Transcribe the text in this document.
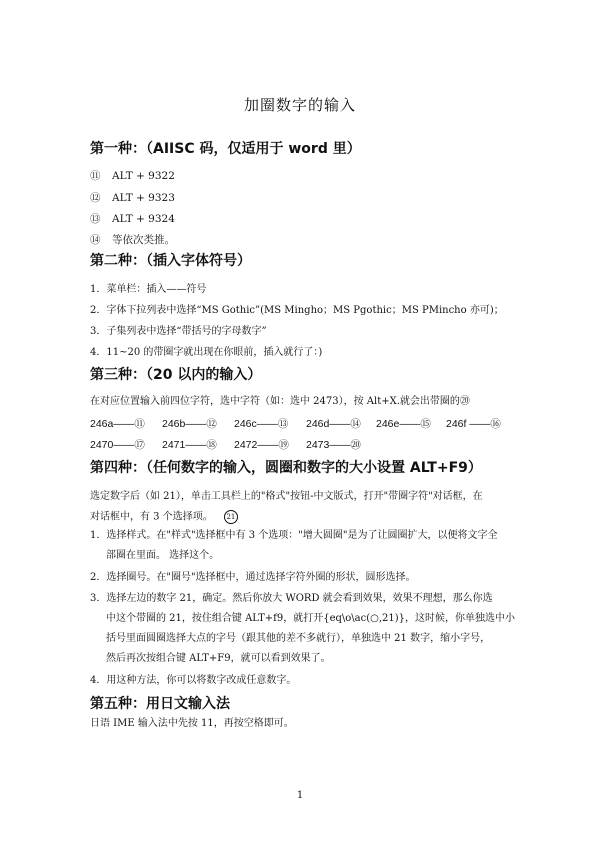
加圈数字的输入
第一种：（AIISC 码，仅适用于 word 里）
⑪ ALT + 9322
⑫ ALT + 9323
⑬ ALT + 9324
⑭ 等依次类推。
第二种：（插入字体符号）
1．菜单栏：插入——符号
2．字体下拉列表中选择“MS Gothic”(MS Mingho；MS Pgothic；MS PMincho 亦可)；
3．子集列表中选择“带括号的字母数字”
4．11~20 的带圈字就出现在你眼前，插入就行了：)
第三种：（20 以内的输入）
在对应位置输入前四位字符，选中字符（如：选中 2473），按 Alt+X.就会出带圈的⑳
246a——⑪ 246b——⑫ 246c——⑬ 246d——⑭ 246e——⑮ 246f ——⑯
2470——⑰ 2471——⑱ 2472——⑲ 2473——⑳
第四种：（任何数字的输入，圆圈和数字的大小设置 ALT+F9）
选定数字后（如 21），单击工具栏上的"格式"按钮-中文版式，打开"带圈字符"对话框，在
对话框中，有 3 个选择项。 21
1．选择样式。在"样式"选择框中有 3 个选项："增大圆圈"是为了让圆圈扩大，以便将文字全
部圈在里面。 选择这个。
2．选择圈号。在"圈号"选择框中，通过选择字符外圈的形状，圆形选择。
3．选择左边的数字 21，确定。然后你放大 WORD 就会看到效果，效果不理想，那么你选
中这个带圈的 21，按住组合键 ALT+f9，就打开{eq\o\ac(○,21)}，这时候，你单独选中小
括号里面圆圈选择大点的字号（跟其他的差不多就行），单独选中 21 数字，缩小字号，
然后再次按组合键 ALT+F9，就可以看到效果了。
4．用这种方法，你可以将数字改成任意数字。
第五种：用日文输入法
日语 IME 输入法中先按 11，再按空格即可。
1
